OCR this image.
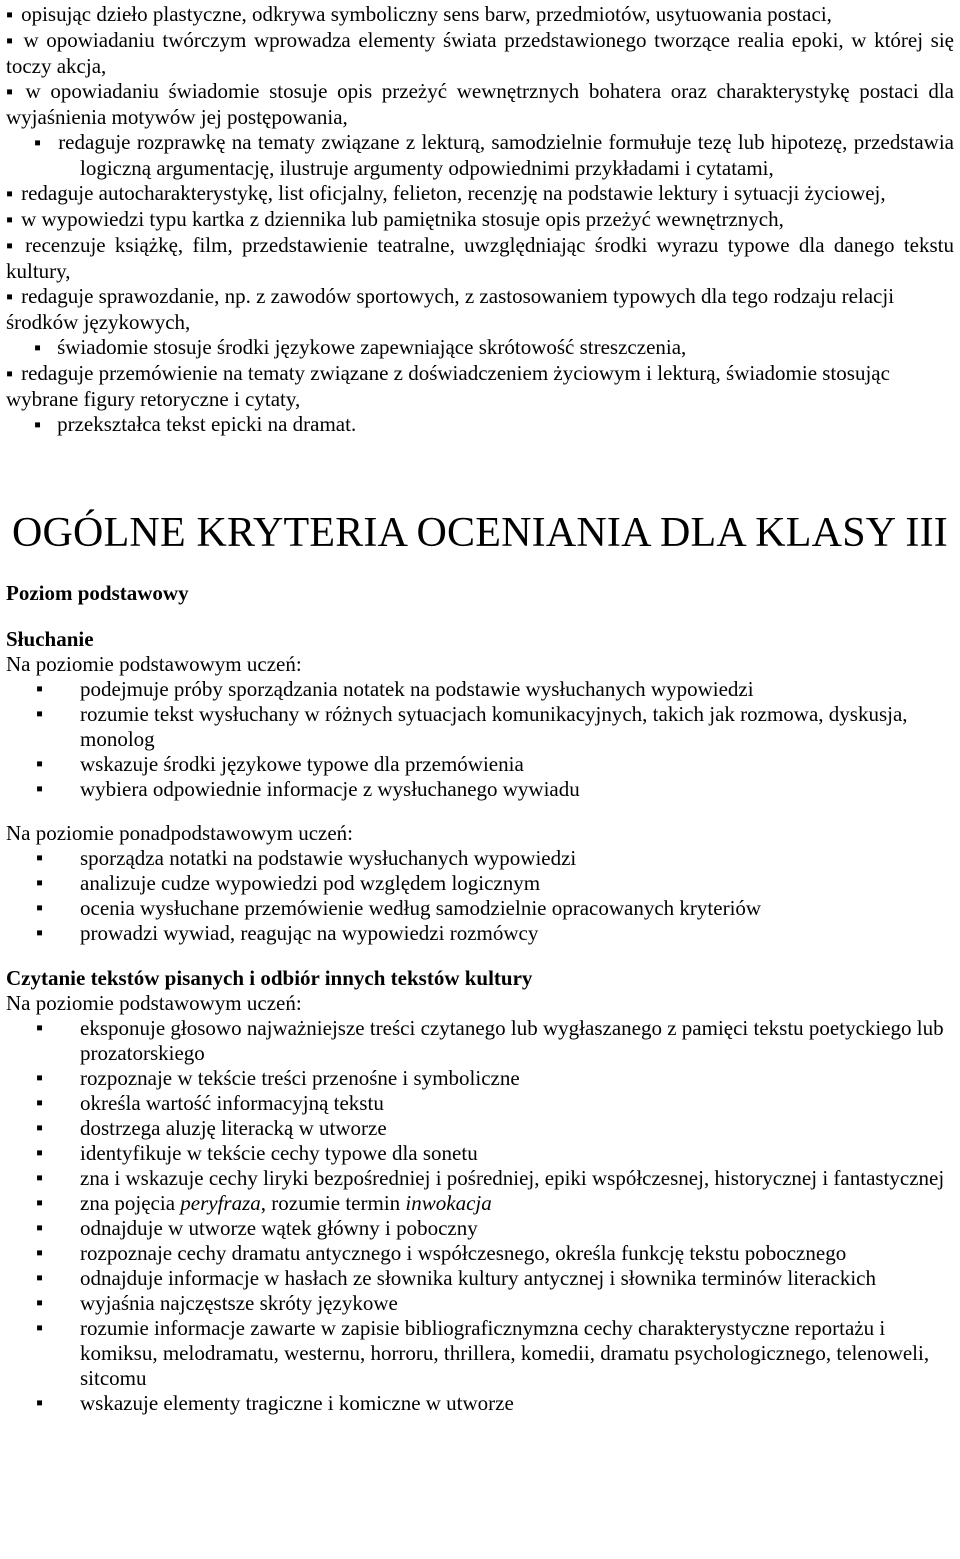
▪ opisując dzieło plastyczne, odkrywa symboliczny sens barw, przedmiotów, usytuowania postaci,

▪ w opowiadaniu twórczym wprowadza elementy świata przedstawionego tworzące realia epoki, w której się toczy akcja,

▪ w opowiadaniu świadomie stosuje opis przeżyć wewnętrznych bohatera oraz charakterystykę postaci dla wyjaśnienia motywów jej postępowania,

▪ redaguje rozprawkę na tematy związane z lekturą, samodzielnie formułuje tezę lub hipotezę, przedstawia logiczną argumentację, ilustruje argumenty odpowiednimi przykładami i cytatami,

▪ redaguje autocharakterystykę, list oficjalny, felieton, recenzję na podstawie lektury i sytuacji życiowej,

▪ w wypowiedzi typu kartka z dziennika lub pamiętnika stosuje opis przeżyć wewnętrznych,

▪ recenzuje książkę, film, przedstawienie teatralne, uwzględniając środki wyrazu typowe dla danego tekstu kultury,

▪ redaguje sprawozdanie, np. z zawodów sportowych, z zastosowaniem typowych dla tego rodzaju relacji środków językowych,

▪ świadomie stosuje środki językowe zapewniające skrótowość streszczenia,

▪ redaguje przemówienie na tematy związane z doświadczeniem życiowym i lekturą, świadomie stosując wybrane figury retoryczne i cytaty,

▪ przekształca tekst epicki na dramat.

OGÓLNE KRYTERIA OCENIANIA DLA KLASY III

Poziom podstawowy

Słuchanie

Na poziomie podstawowym uczeń:

▪ podejmuje próby sporządzania notatek na podstawie wysłuchanych wypowiedzi
▪ rozumie tekst wysłuchany w różnych sytuacjach komunikacyjnych, takich jak rozmowa, dyskusja, monolog
▪ wskazuje środki językowe typowe dla przemówienia
▪ wybiera odpowiednie informacje z wysłuchanego wywiadu

Na poziomie ponadpodstawowym uczeń:

▪ sporządza notatki na podstawie wysłuchanych wypowiedzi
▪ analizuje cudze wypowiedzi pod względem logicznym
▪ ocenia wysłuchane przemówienie według samodzielnie opracowanych kryteriów
▪ prowadzi wywiad, reagując na wypowiedzi rozmówcy

Czytanie tekstów pisanych i odbiór innych tekstów kultury

Na poziomie podstawowym uczeń:

▪ eksponuje głosowo najważniejsze treści czytanego lub wygłaszanego z pamięci tekstu poetyckiego lub prozatorskiego
▪ rozpoznaje w tekście treści przenośne i symboliczne
▪ określa wartość informacyjną tekstu
▪ dostrzega aluzję literacką w utworze
▪ identyfikuje w tekście cechy typowe dla sonetu
▪ zna i wskazuje cechy liryki bezpośredniej i pośredniej, epiki współczesnej, historycznej i fantastycznej
▪ zna pojęcia peryfraza, rozumie termin inwokacja
▪ odnajduje w utworze wątek główny i poboczny
▪ rozpoznaje cechy dramatu antycznego i współczesnego, określa funkcję tekstu pobocznego
▪ odnajduje informacje w hasłach ze słownika kultury antycznej i słownika terminów literackich
▪ wyjaśnia najczęstsze skróty językowe
▪ rozumie informacje zawarte w zapisie bibliograficznymzna cechy charakterystyczne reportażu i komiksu, melodramatu, westernu, horroru, thrillera, komedii, dramatu psychologicznego, telenoweli, sitcomu
▪ wskazuje elementy tragiczne i komiczne w utworze
